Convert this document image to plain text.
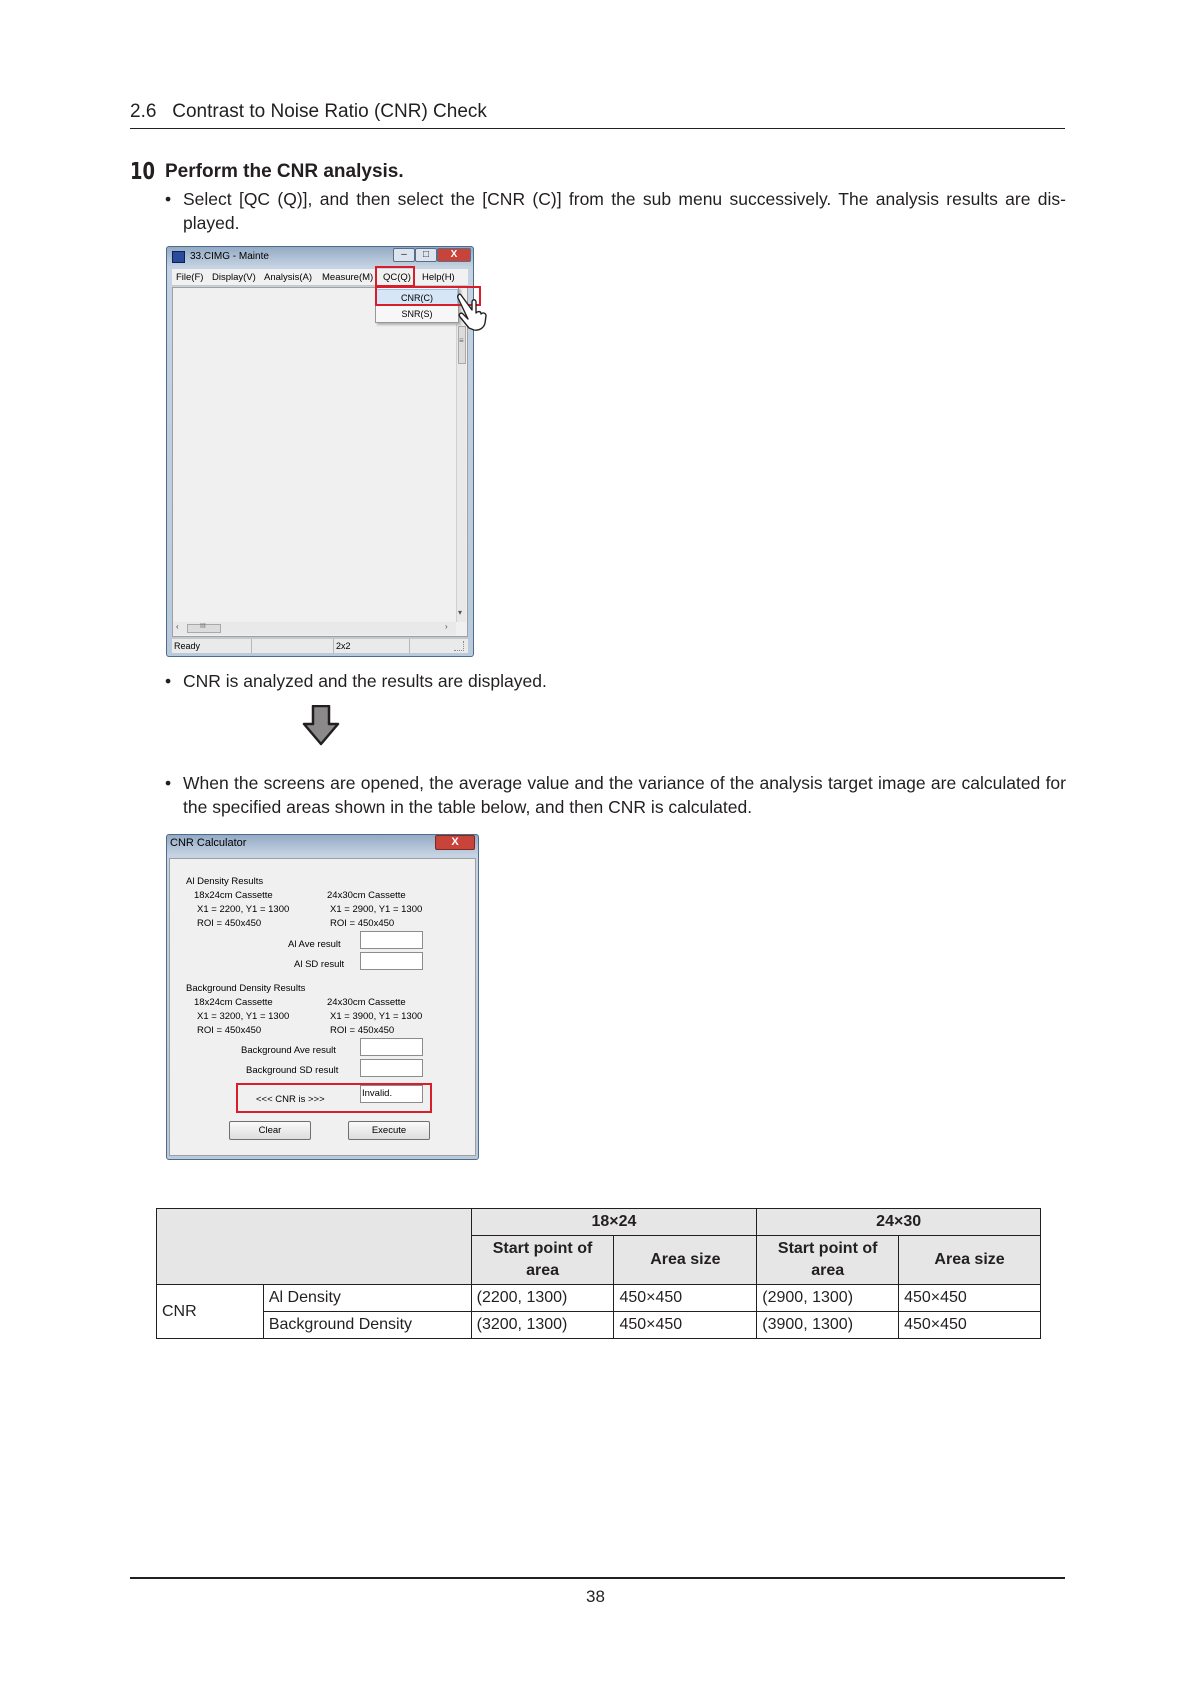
2.6 Contrast to Noise Ratio (CNR) Check
10 Perform the CNR analysis.
• Select [QC (Q)], and then select the [CNR (C)] from the sub menu successively. The analysis results are dis-played.
33.CIMG - Mainte	–	□	X
File(F) Display(V) Analysis(A) Measure(M) QC(Q) Help(H)
≡
▾
‹	III	›
Ready	2x2
CNR(C)
SNR(S)
• CNR is analyzed and the results are displayed.
• When the screens are opened, the average value and the variance of the analysis target image are calculated for the specified areas shown in the table below, and then CNR is calculated.
CNR Calculator	X
Al Density Results
18x24cm Cassette
X1 = 2200, Y1 = 1300
ROI = 450x450
24x30cm Cassette
X1 = 2900, Y1 = 1300
ROI = 450x450
Al Ave result
Al SD result
Background Density Results
18x24cm Cassette
X1 = 3200, Y1 = 1300
ROI = 450x450
24x30cm Cassette
X1 = 3900, Y1 = 1300
ROI = 450x450
Background Ave result
Background SD result
<<< CNR is >>>
Invalid.
Clear	Execute
		18×24		24×30	
		Start point of area	Area size	Start point of area	Area size
CNR	Al Density	(2200, 1300)	450×450	(2900, 1300)	450×450
	Background Density	(3200, 1300)	450×450	(3900, 1300)	450×450
38
